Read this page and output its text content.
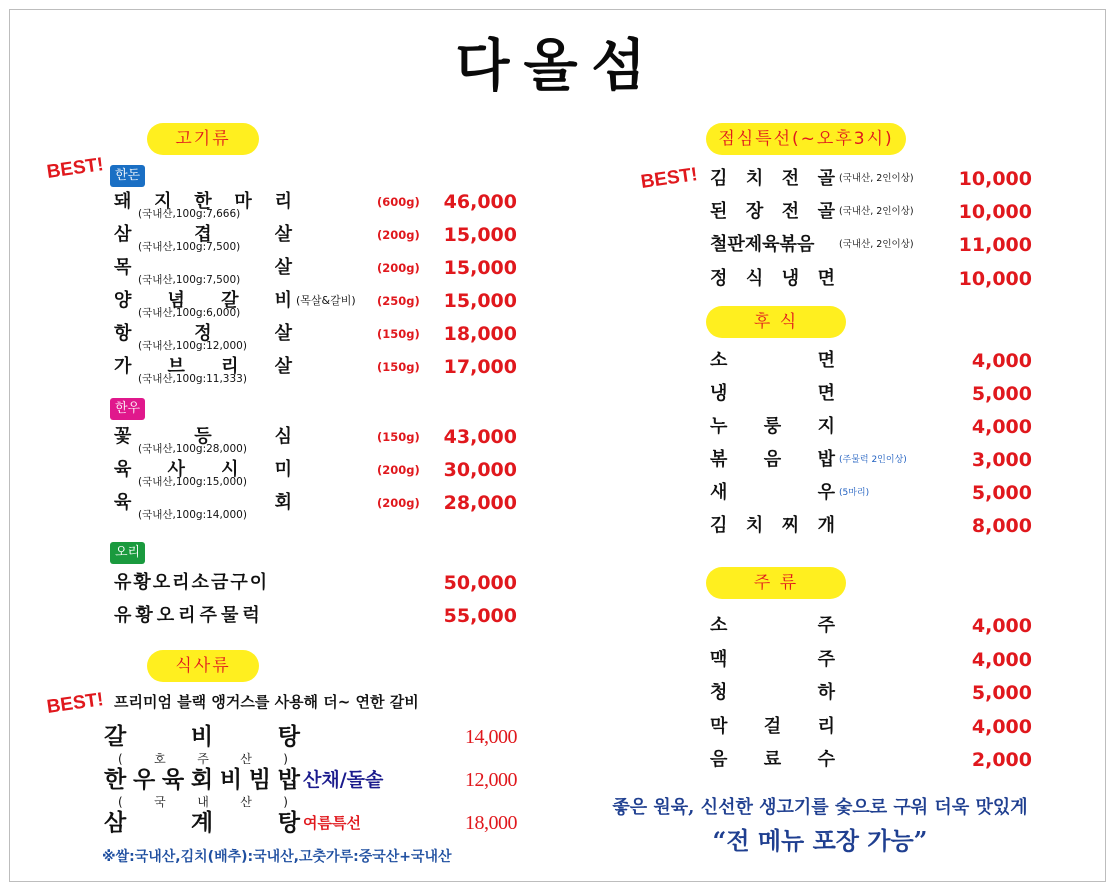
다올섬
고기류
BEST! 한돈
돼 지 한 마 리
(국내산,100g:7,666)
(600g)	46,000
삼	겹	살
(국내산,100g:7,500)
(200g)	15,000
목	살
(국내산,100g:7,500)
(200g)	15,000
양 념 갈 비 (목살&갈비)
(국내산,100g:6,000)
(250g)	15,000
항	정	살
(국내산,100g:12,000)
(150g)	18,000
가 브 리 살
(국내산,100g:11,333)
(150g)	17,000
한우
꽃	등	심
(국내산,100g:28,000)
(150g)	43,000
육 사 시 미
(국내산,100g:15,000)
(200g)	30,000
육	회
(국내산,100g:14,000)
(200g)	28,000
오리
유황오리소금구이	50,000
유황오리주물럭	55,000
식사류
BEST! 프리미엄 블랙 앵거스를 사용해 더~ 연한 갈비
갈	비	탕
(	호	주	산	)
14,000
한 우 육 회 비 빔 밥 산채/돌솥
(	국	내	산	)
12,000
삼	계	탕 여름특선	18,000
※쌀:국내산,김치(배추):국내산,고춧가루:중국산+국내산
점심특선(~오후3시)
BEST! 김 치 전 골 (국내산, 2인이상)	10,000
된 장 전 골 (국내산, 2인이상)	10,000
철판제육볶음	(국내산, 2인이상)	11,000
정 식 냉 면	10,000
후 식
소	면	4,000
냉	면	5,000
누 룽 지	4,000
볶 음 밥 (주물럭 2인이상)	3,000
새	우 (5마리)	5,000
김 치 찌 개	8,000
주 류
소	주	4,000
맥	주	4,000
청	하	5,000
막 걸 리	4,000
음 료 수	2,000
좋은 원육, 신선한 생고기를 숯으로 구워 더욱 맛있게
“전 메뉴 포장 가능”
